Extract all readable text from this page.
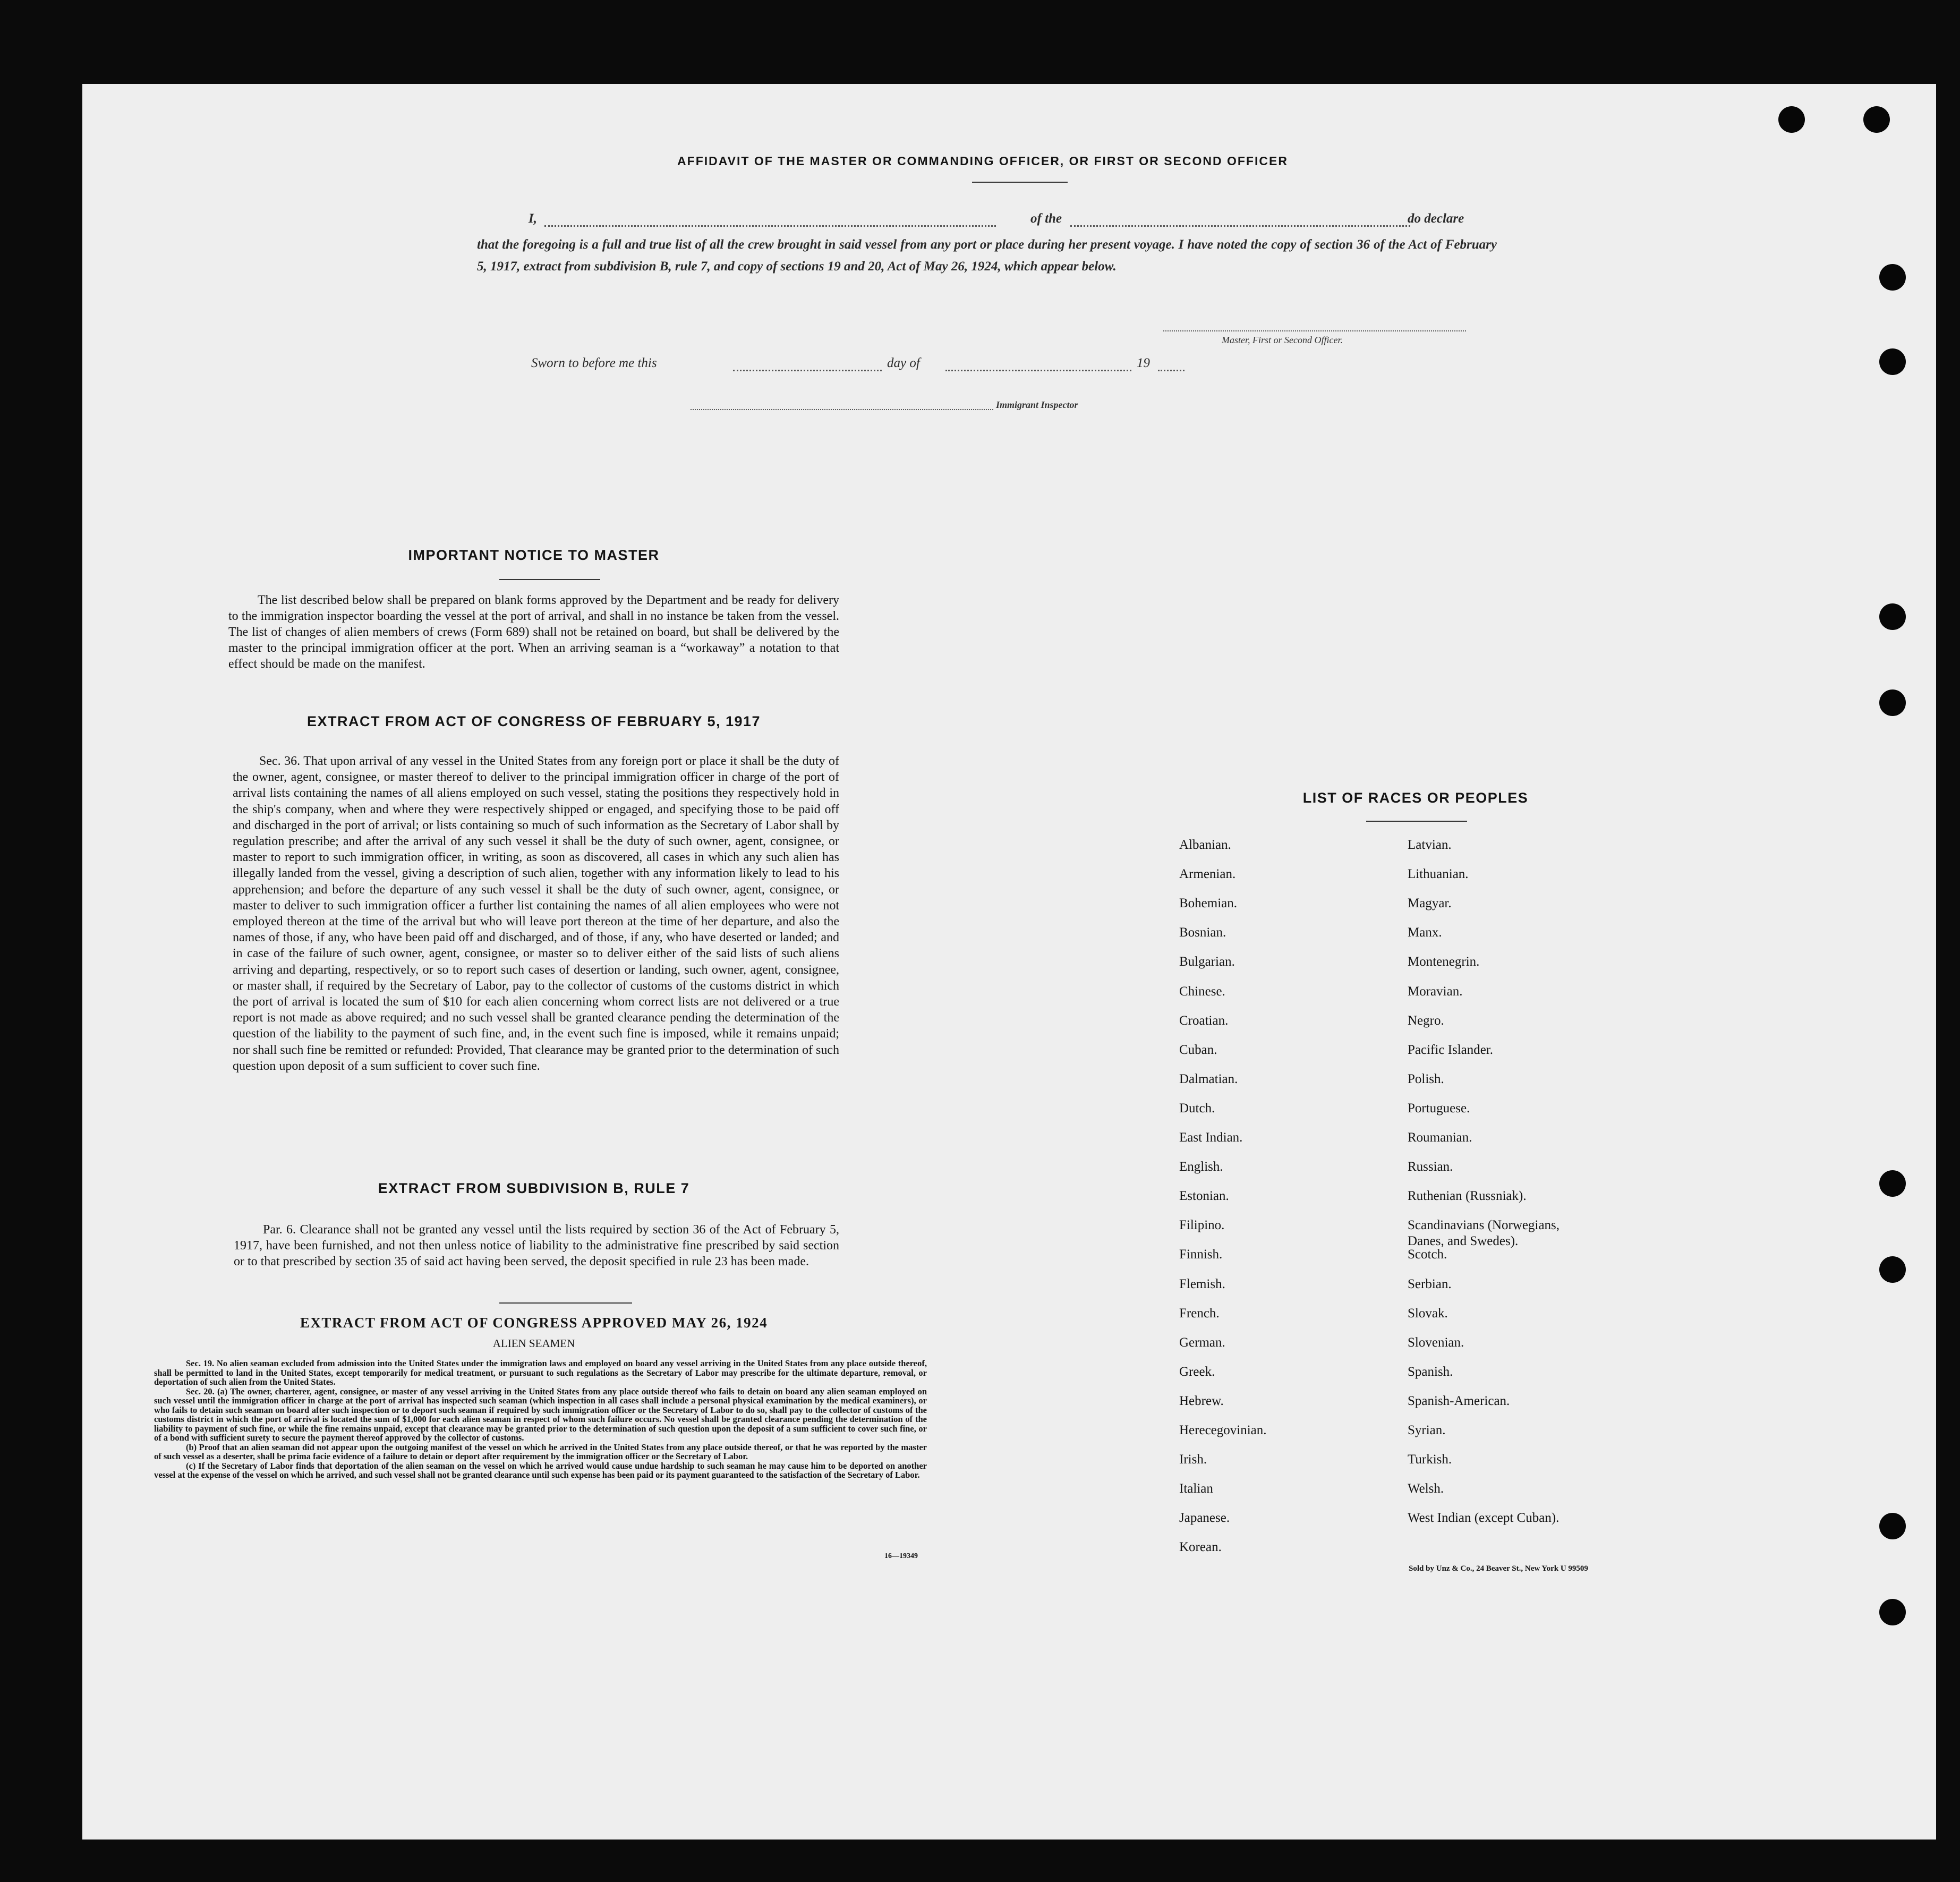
AFFIDAVIT OF THE MASTER OR COMMANDING OFFICER, OR FIRST OR SECOND OFFICER
I,	of the	do declare
that the foregoing is a full and true list of all the crew brought in said vessel from any port or place during her present voyage. I have noted the copy of section 36 of the Act of February 5, 1917, extract from subdivision B, rule 7, and copy of sections 19 and 20, Act of May 26, 1924, which appear below.
Master, First or Second Officer.
Sworn to before me this	day of	19
Immigrant Inspector
IMPORTANT NOTICE TO MASTER
The list described below shall be prepared on blank forms approved by the Department and be ready for delivery to the immigration inspector boarding the vessel at the port of arrival, and shall in no instance be taken from the vessel. The list of changes of alien members of crews (Form 689) shall not be retained on board, but shall be delivered by the master to the principal immigration officer at the port. When an arriving seaman is a “workaway” a notation to that effect should be made on the manifest.
EXTRACT FROM ACT OF CONGRESS OF FEBRUARY 5, 1917
Sec. 36. That upon arrival of any vessel in the United States from any foreign port or place it shall be the duty of the owner, agent, consignee, or master thereof to deliver to the principal immigration officer in charge of the port of arrival lists containing the names of all aliens employed on such vessel, stating the positions they respectively hold in the ship's company, when and where they were respectively shipped or engaged, and specifying those to be paid off and discharged in the port of arrival; or lists containing so much of such information as the Secretary of Labor shall by regulation prescribe; and after the arrival of any such vessel it shall be the duty of such owner, agent, consignee, or master to report to such immigration officer, in writing, as soon as discovered, all cases in which any such alien has illegally landed from the vessel, giving a description of such alien, together with any information likely to lead to his apprehension; and before the departure of any such vessel it shall be the duty of such owner, agent, consignee, or master to deliver to such immigration officer a further list containing the names of all alien employees who were not employed thereon at the time of the arrival but who will leave port thereon at the time of her departure, and also the names of those, if any, who have been paid off and discharged, and of those, if any, who have deserted or landed; and in case of the failure of such owner, agent, consignee, or master so to deliver either of the said lists of such aliens arriving and departing, respectively, or so to report such cases of desertion or landing, such owner, agent, consignee, or master shall, if required by the Secretary of Labor, pay to the collector of customs of the customs district in which the port of arrival is located the sum of $10 for each alien concerning whom correct lists are not delivered or a true report is not made as above required; and no such vessel shall be granted clearance pending the determination of the question of the liability to the payment of such fine, and, in the event such fine is imposed, while it remains unpaid; nor shall such fine be remitted or refunded: Provided, That clearance may be granted prior to the determination of such question upon deposit of a sum sufficient to cover such fine.
EXTRACT FROM SUBDIVISION B, RULE 7
Par. 6. Clearance shall not be granted any vessel until the lists required by section 36 of the Act of February 5, 1917, have been furnished, and not then unless notice of liability to the administrative fine prescribed by said section or to that prescribed by section 35 of said act having been served, the deposit specified in rule 23 has been made.
EXTRACT FROM ACT OF CONGRESS APPROVED MAY 26, 1924
ALIEN SEAMEN
Sec. 19. No alien seaman excluded from admission into the United States under the immigration laws and employed on board any vessel arriving in the United States from any place outside thereof, shall be permitted to land in the United States, except temporarily for medical treatment, or pursuant to such regulations as the Secretary of Labor may prescribe for the ultimate departure, removal, or deportation of such alien from the United States.
Sec. 20. (a) The owner, charterer, agent, consignee, or master of any vessel arriving in the United States from any place outside thereof who fails to detain on board any alien seaman employed on such vessel until the immigration officer in charge at the port of arrival has inspected such seaman (which inspection in all cases shall include a personal physical examination by the medical examiners), or who fails to detain such seaman on board after such inspection or to deport such seaman if required by such immigration officer or the Secretary of Labor to do so, shall pay to the collector of customs of the customs district in which the port of arrival is located the sum of $1,000 for each alien seaman in respect of whom such failure occurs. No vessel shall be granted clearance pending the determination of the liability to payment of such fine, or while the fine remains unpaid, except that clearance may be granted prior to the determination of such question upon the deposit of a sum sufficient to cover such fine, or of a bond with sufficient surety to secure the payment thereof approved by the collector of customs.
(b) Proof that an alien seaman did not appear upon the outgoing manifest of the vessel on which he arrived in the United States from any place outside thereof, or that he was reported by the master of such vessel as a deserter, shall be prima facie evidence of a failure to detain or deport after requirement by the immigration officer or the Secretary of Labor.
(c) If the Secretary of Labor finds that deportation of the alien seaman on the vessel on which he arrived would cause undue hardship to such seaman he may cause him to be deported on another vessel at the expense of the vessel on which he arrived, and such vessel shall not be granted clearance until such expense has been paid or its payment guaranteed to the satisfaction of the Secretary of Labor.
16—19349
LIST OF RACES OR PEOPLES
Albanian.
Armenian.
Bohemian.
Bosnian.
Bulgarian.
Chinese.
Croatian.
Cuban.
Dalmatian.
Dutch.
East Indian.
English.
Estonian.
Filipino.
Finnish.
Flemish.
French.
German.
Greek.
Hebrew.
Herecegovinian.
Irish.
Italian
Japanese.
Korean.
Latvian.
Lithuanian.
Magyar.
Manx.
Montenegrin.
Moravian.
Negro.
Pacific Islander.
Polish.
Portuguese.
Roumanian.
Russian.
Ruthenian (Russniak).
Scandinavians (Norwegians,
Danes, and Swedes).
Scotch.
Serbian.
Slovak.
Slovenian.
Spanish.
Spanish-American.
Syrian.
Turkish.
Welsh.
West Indian (except Cuban).
Sold by Unz & Co., 24 Beaver St., New York U 99509
